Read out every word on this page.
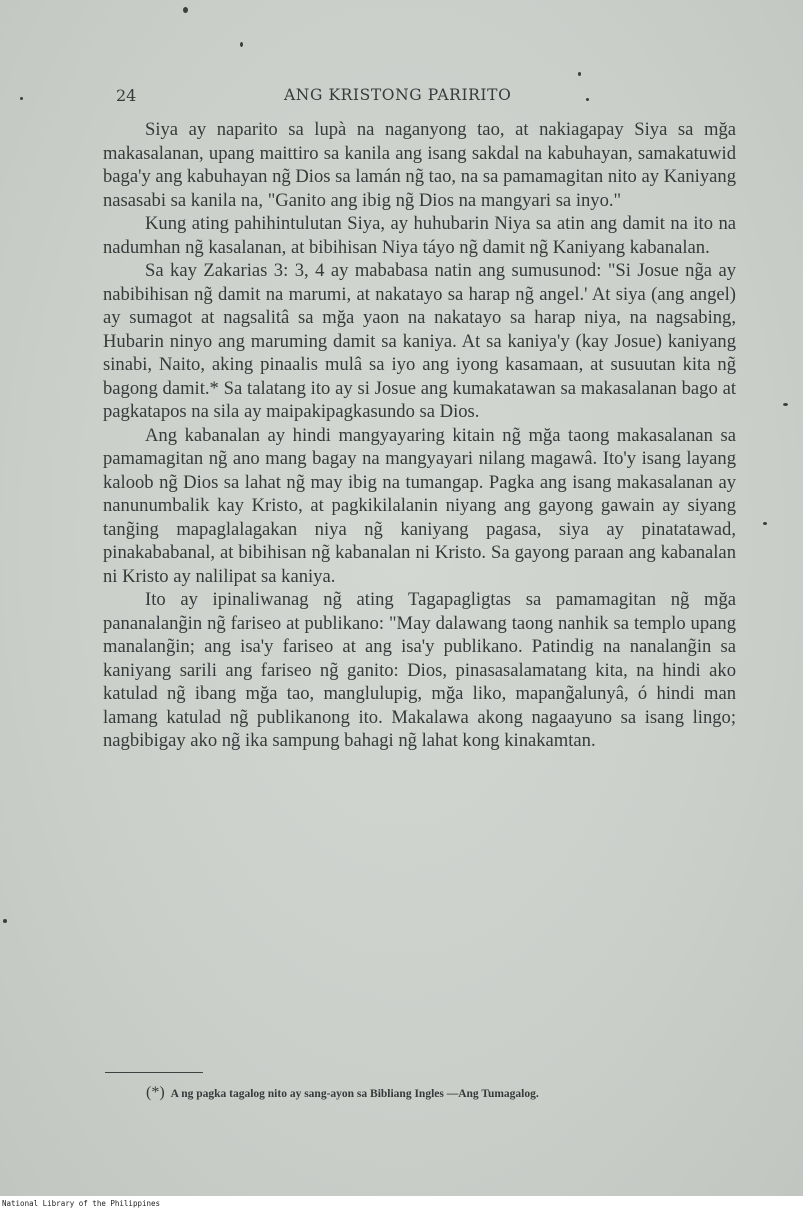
24	ANG KRISTONG PARIRITO

Siya ay naparito sa lupà na naganyong tao, at nakiagapay Siya sa mğa makasalanan, upang maittiro sa kanila ang isang sakdal na kabuhayan, samakatuwid baga'y ang kabuhayan ng̃ Dios sa lamán ng̃ tao, na sa pamamagitan nito ay Kaniyang nasasabi sa kanila na, "Ganito ang ibig ng̃ Dios na mangyari sa inyo."

Kung ating pahihintulutan Siya, ay huhubarin Niya sa atin ang damit na ito na nadumhan ng̃ kasalanan, at bibihisan Niya táyo ng̃ damit ng̃ Kaniyang kabanalan.

Sa kay Zakarias 3: 3, 4 ay mababasa natin ang sumusunod: "Si Josue ng̃a ay nabibihisan ng̃ damit na marumi, at nakatayo sa harap ng̃ angel.' At siya (ang angel) ay sumagot at nagsalitâ sa mğa yaon na nakatayo sa harap niya, na nagsabing, Hubarin ninyo ang maruming damit sa kaniya. At sa kaniya'y (kay Josue) kaniyang sinabi, Naito, aking pinaalis mulâ sa iyo ang iyong kasamaan, at susuutan kita ng̃ bagong damit.* Sa talatang ito ay si Josue ang kumakatawan sa makasalanan bago at pagkatapos na sila ay maipakipagkasundo sa Dios.

Ang kabanalan ay hindi mangyayaring kitain ng̃ mğa taong makasalanan sa pamamagitan ng̃ ano mang bagay na mangyayari nilang magawâ. Ito'y isang layang kaloob ng̃ Dios sa lahat ng̃ may ibig na tumangap. Pagka ang isang makasalanan ay nanunumbalik kay Kristo, at pagkikilalanin niyang ang gayong gawain ay siyang tang̃ing mapaglalagakan niya ng̃ kaniyang pagasa, siya ay pinatatawad, pinakababanal, at bibihisan ng̃ kabanalan ni Kristo. Sa gayong paraan ang kabanalan ni Kristo ay nalilipat sa kaniya.

Ito ay ipinaliwanag ng̃ ating Tagapagligtas sa pamamagitan ng̃ mğa pananalang̃in ng̃ fariseo at publikano: "May dalawang taong nanhik sa templo upang manalang̃in; ang isa'y fariseo at ang isa'y publikano. Patindig na nanalang̃in sa kaniyang sarili ang fariseo ng̃ ganito: Dios, pinasasalamatang kita, na hindi ako katulad ng̃ ibang mğa tao, manglulupig, mğa liko, mapang̃alunyâ, ó hindi man lamang katulad ng̃ publikanong ito. Makalawa akong nagaayuno sa isang lingo; nagbibigay ako ng̃ ika sampung bahagi ng̃ lahat kong kinakamtan.

(*) A ng pagka tagalog nito ay sang-ayon sa Bibliang Ingles —Ang Tumagalog.
National Library of the Philippines
